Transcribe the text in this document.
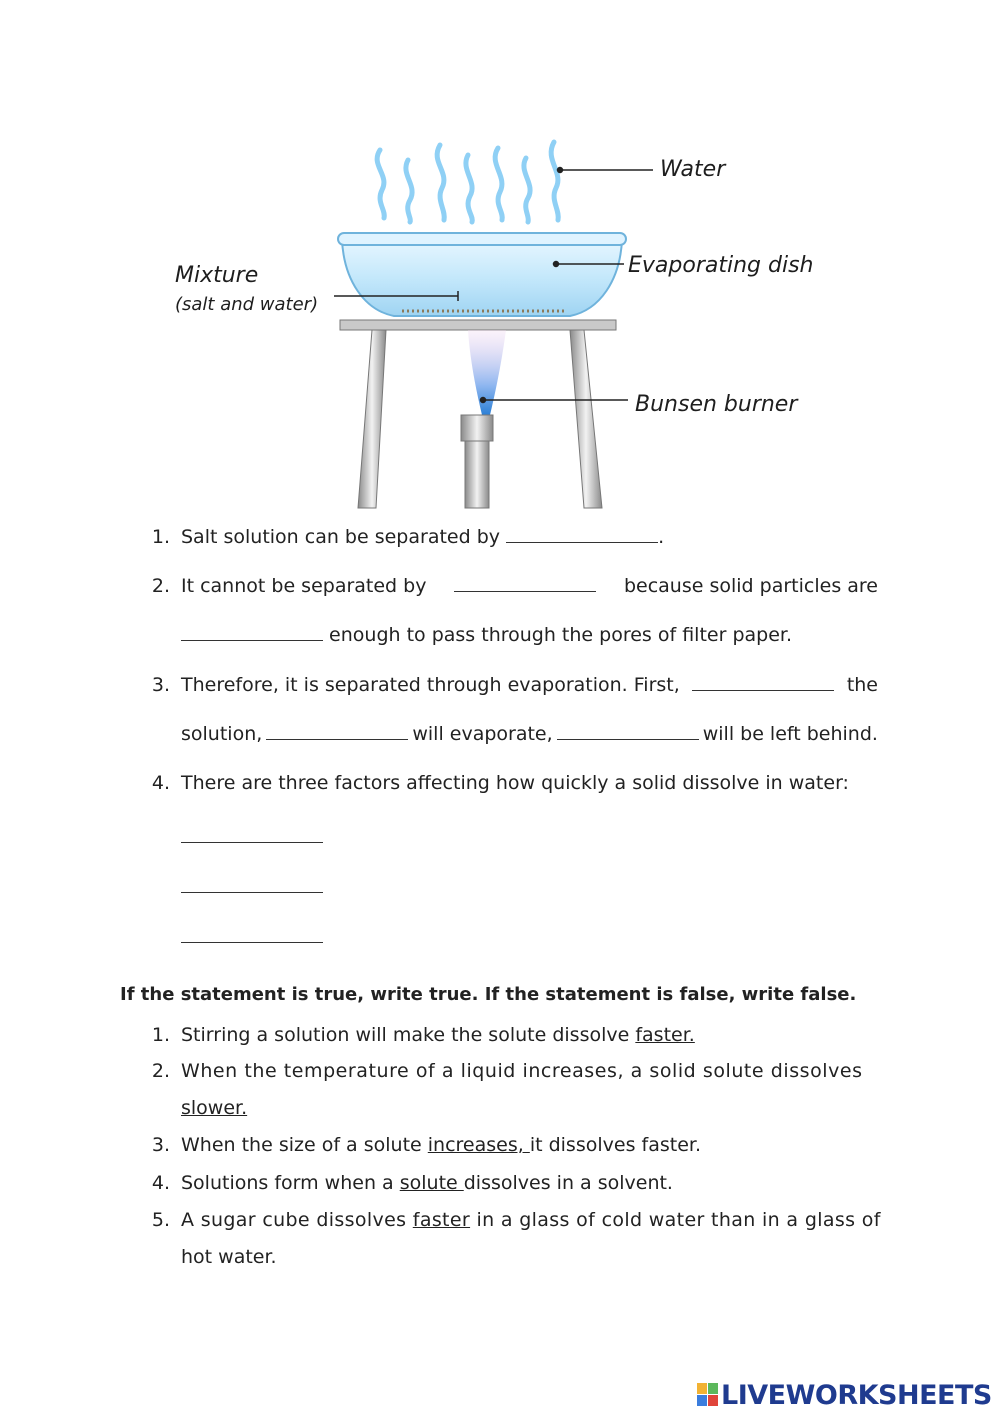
Water
Evaporating dish
Mixture
(salt and water)
Bunsen burner
1. Salt solution can be separated by	.
2. It cannot be separated by	because solid particles are
enough to pass through the pores of filter paper.
3. Therefore, it is separated through evaporation. First,	the
solution,	will evaporate,	will be left behind.
4. There are three factors affecting how quickly a solid dissolve in water:
If the statement is true, write true. If the statement is false, write false.
1. Stirring a solution will make the solute dissolve faster.
2. When the temperature of a liquid increases, a solid solute dissolves
slower.
3. When the size of a solute increases, it dissolves faster.
4. Solutions form when a solute dissolves in a solvent.
5. A sugar cube dissolves faster in a glass of cold water than in a glass of
hot water.
LIVEWORKSHEETS
